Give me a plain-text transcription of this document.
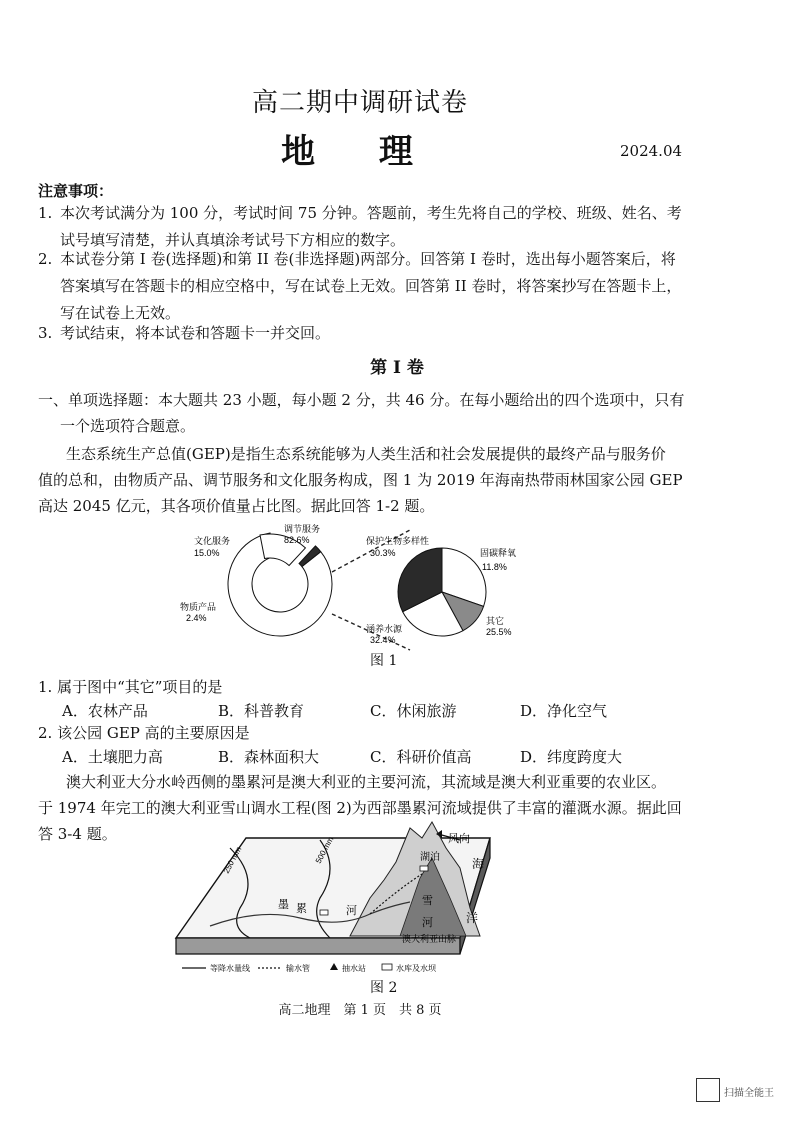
高二期中调研试卷
地 理	2024.04
注意事项：
1. 本次考试满分为 100 分，考试时间 75 分钟。答题前，考生先将自己的学校、班级、姓名、考
试号填写清楚，并认真填涂考试号下方相应的数字。
2. 本试卷分第 I 卷(选择题)和第 II 卷(非选择题)两部分。回答第 I 卷时，选出每小题答案后，将
答案填写在答题卡的相应空格中，写在试卷上无效。回答第 II 卷时，将答案抄写在答题卡上，
写在试卷上无效。
3. 考试结束，将本试卷和答题卡一并交回。
第 I 卷
一、单项选择题：本大题共 23 小题，每小题 2 分，共 46 分。在每小题给出的四个选项中，只有
一个选项符合题意。
生态系统生产总值(GEP)是指生态系统能够为人类生活和社会发展提供的最终产品与服务价
值的总和，由物质产品、调节服务和文化服务构成，图 1 为 2019 年海南热带雨林国家公园 GEP
高达 2045 亿元，其各项价值量占比图。据此回答 1-2 题。
文化服务
15.0%
调节服务
82.6%
物质产品
2.4%
保护生物多样性
30.3%	固碳释氧
11.8%
其它
25.5%
涵养水源
32.4%
图 1
1. 属于图中“其它”项目的是
A．农林产品	B．科普教育	C．休闲旅游	D．净化空气
2. 该公园 GEP 高的主要原因是
A．土壤肥力高	B．森林面积大	C．科研价值高	D．纬度跨度大
澳大利亚大分水岭西侧的墨累河是澳大利亚的主要河流，其流域是澳大利亚重要的农业区。
于 1974 年完工的澳大利亚雪山调水工程(图 2)为西部墨累河流域提供了丰富的灌溉水源。据此回
答 3-4 题。
250 mm	500 mm	风向
湖泊	海
洋
墨 累	河
雪
河
澳大利亚山脉
等降水量线	输水管	抽水站	水库及水坝
图 2
高二地理　第 1 页　共 8 页
扫描全能王
